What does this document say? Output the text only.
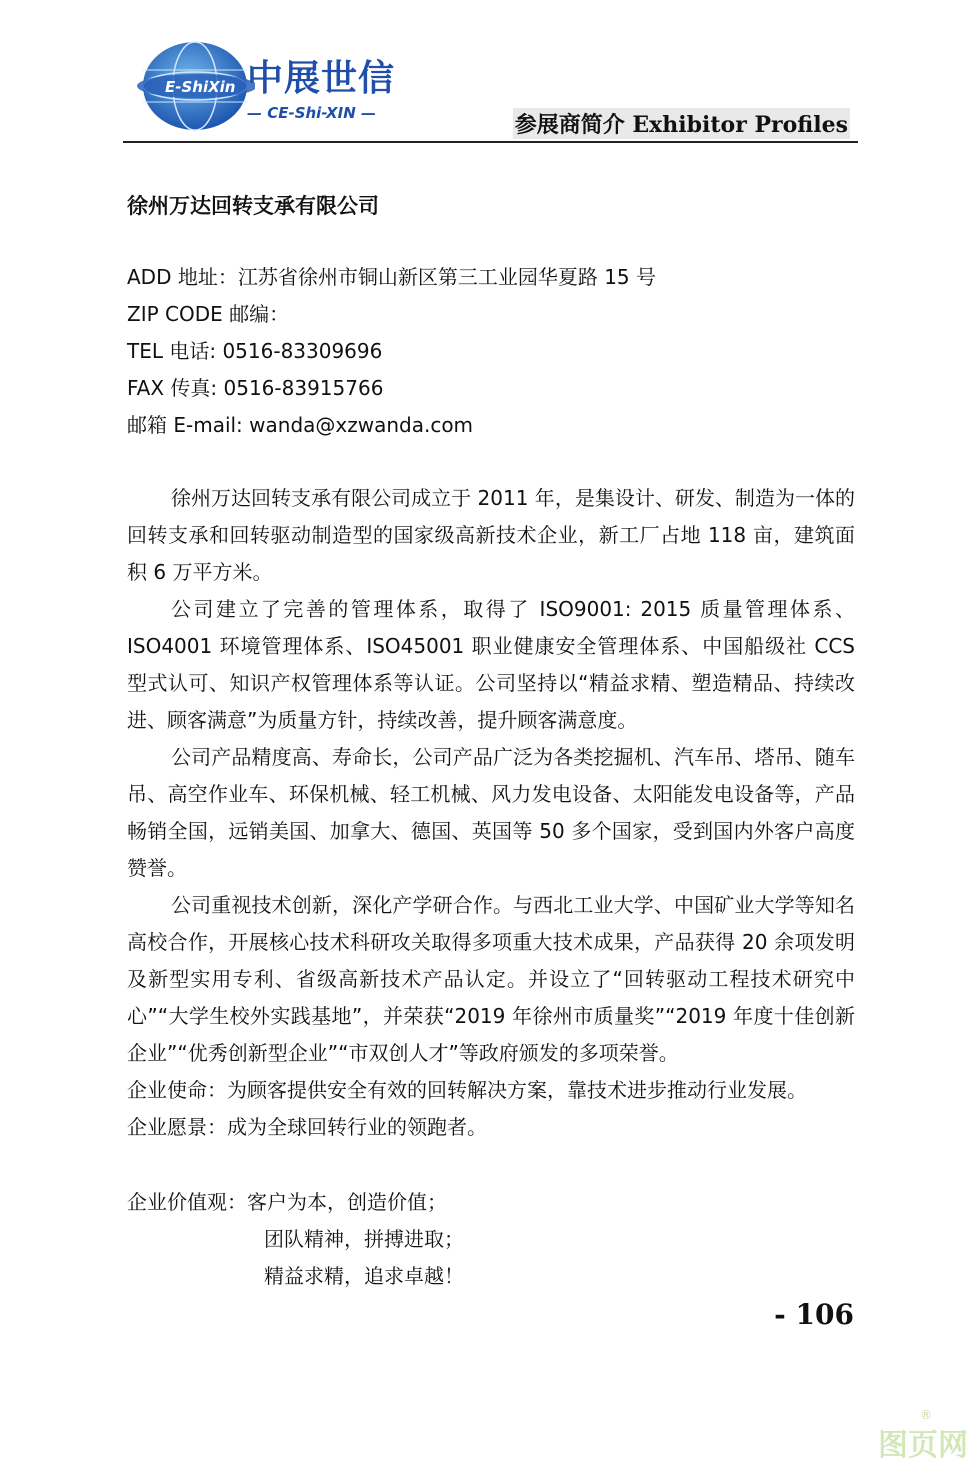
E-ShiXin 中展世信
— CE-Shi-XIN —	参展商简介 Exhibitor Profiles
徐州万达回转支承有限公司
ADD 地址：江苏省徐州市铜山新区第三工业园华夏路 15 号
ZIP CODE 邮编：
TEL 电话: 0516-83309696
FAX 传真: 0516-83915766
邮箱 E-mail: wanda@xzwanda.com

徐州万达回转支承有限公司成立于 2011 年，是集设计、研发、制造为一体的回转支承和回转驱动制造型的国家级高新技术企业，新工厂占地 118 亩，建筑面积 6 万平方米。

公司建立了完善的管理体系，取得了 ISO9001: 2015 质量管理体系、ISO4001 环境管理体系、ISO45001 职业健康安全管理体系、中国船级社 CCS 型式认可、知识产权管理体系等认证。公司坚持以“精益求精、塑造精品、持续改进、顾客满意”为质量方针，持续改善，提升顾客满意度。

公司产品精度高、寿命长，公司产品广泛为各类挖掘机、汽车吊、塔吊、随车吊、高空作业车、环保机械、轻工机械、风力发电设备、太阳能发电设备等，产品畅销全国，远销美国、加拿大、德国、英国等 50 多个国家，受到国内外客户高度赞誉。

公司重视技术创新，深化产学研合作。与西北工业大学、中国矿业大学等知名高校合作，开展核心技术科研攻关取得多项重大技术成果，产品获得 20 余项发明及新型实用专利、省级高新技术产品认定。并设立了“回转驱动工程技术研究中心”“大学生校外实践基地”，并荣获“2019 年徐州市质量奖”“2019 年度十佳创新企业”“优秀创新型企业”“市双创人才”等政府颁发的多项荣誉。

企业使命：为顾客提供安全有效的回转解决方案，靠技术进步推动行业发展。

企业愿景：成为全球回转行业的领跑者。

企业价值观：客户为本，创造价值；
团队精神，拼搏进取；
精益求精，追求卓越！
- 106
图页网
®
